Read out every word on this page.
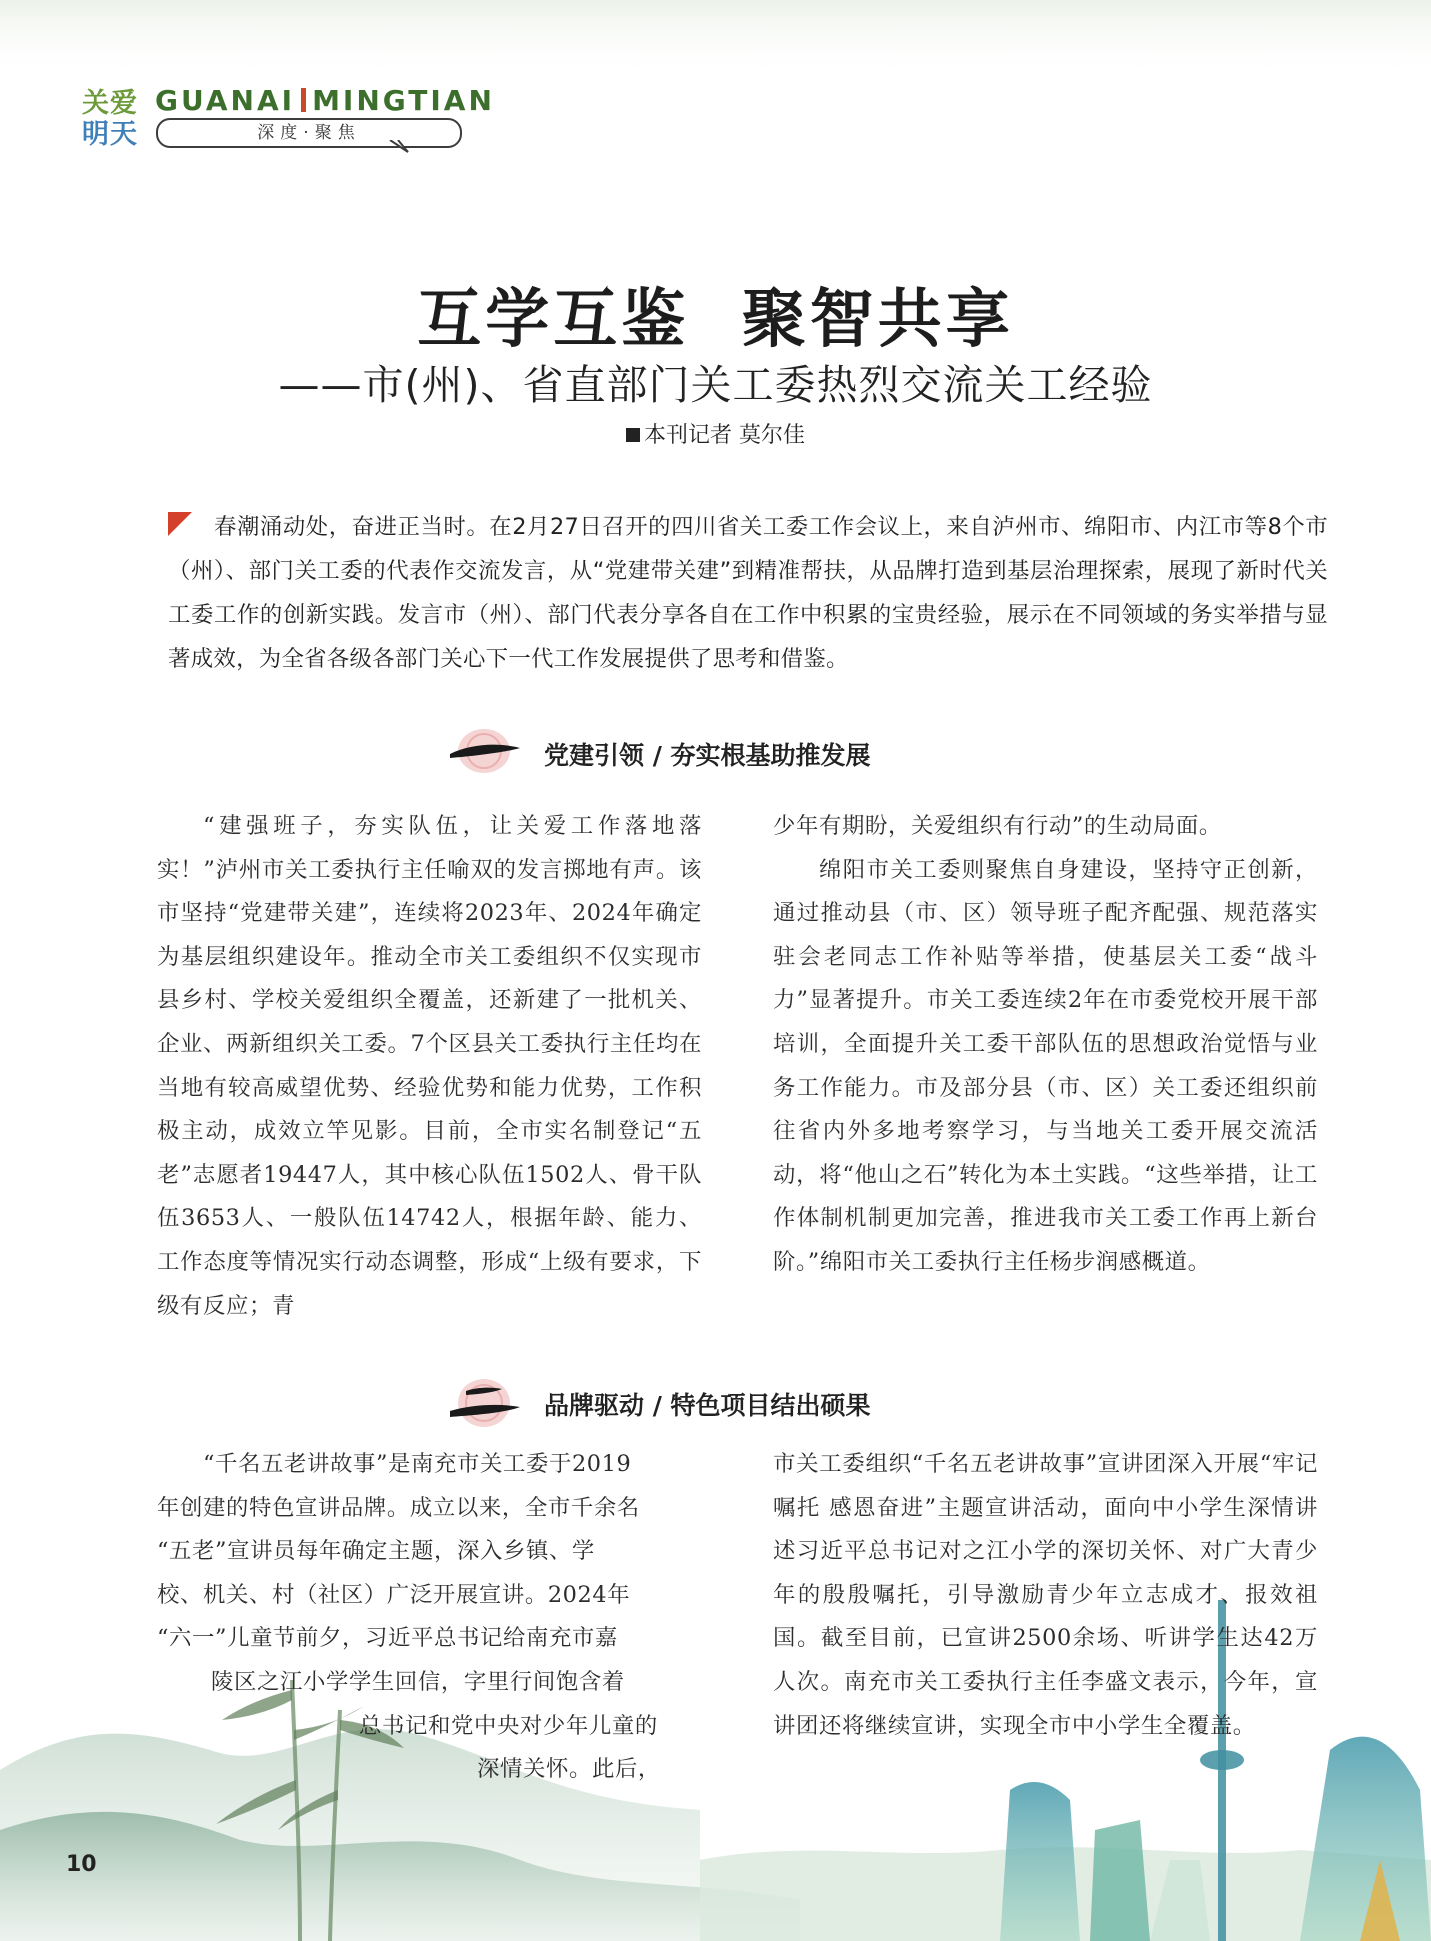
关爱
明天
GUANAI MINGTIAN
深度·聚焦
互学互鉴  聚智共享
——市(州)、省直部门关工委热烈交流关工经验
本刊记者 莫尔佳
春潮涌动处，奋进正当时。在2月27日召开的四川省关工委工作会议上，来自泸州市、绵阳市、内江市等8个市（州）、部门关工委的代表作交流发言，从“党建带关建”到精准帮扶，从品牌打造到基层治理探索，展现了新时代关工委工作的创新实践。发言市（州）、部门代表分享各自在工作中积累的宝贵经验，展示在不同领域的务实举措与显著成效，为全省各级各部门关心下一代工作发展提供了思考和借鉴。
党建引领 / 夯实根基助推发展

“建强班子，夯实队伍，让关爱工作落地落实！”泸州市关工委执行主任喻双的发言掷地有声。该市坚持“党建带关建”，连续将2023年、2024年确定为基层组织建设年。推动全市关工委组织不仅实现市县乡村、学校关爱组织全覆盖，还新建了一批机关、企业、两新组织关工委。7个区县关工委执行主任均在当地有较高威望优势、经验优势和能力优势，工作积极主动，成效立竿见影。目前，全市实名制登记“五老”志愿者19447人，其中核心队伍1502人、骨干队伍3653人、一般队伍14742人，根据年龄、能力、工作态度等情况实行动态调整，形成“上级有要求，下级有反应；青

少年有期盼，关爱组织有行动”的生动局面。

绵阳市关工委则聚焦自身建设，坚持守正创新，通过推动县（市、区）领导班子配齐配强、规范落实驻会老同志工作补贴等举措，使基层关工委“战斗力”显著提升。市关工委连续2年在市委党校开展干部培训，全面提升关工委干部队伍的思想政治觉悟与业务工作能力。市及部分县（市、区）关工委还组织前往省内外多地考察学习，与当地关工委开展交流活动，将“他山之石”转化为本土实践。“这些举措，让工作体制机制更加完善，推进我市关工委工作再上新台阶。”绵阳市关工委执行主任杨步润感概道。

品牌驱动 / 特色项目结出硕果
“千名五老讲故事”是南充市关工委于2019
年创建的特色宣讲品牌。成立以来，全市千余名
“五老”宣讲员每年确定主题，深入乡镇、学
校、机关、村（社区）广泛开展宣讲。2024年
“六一”儿童节前夕，习近平总书记给南充市嘉
陵区之江小学学生回信，字里行间饱含着
总书记和党中央对少年儿童的
深情关怀。此后，

市关工委组织“千名五老讲故事”宣讲团深入开展“牢记嘱托 感恩奋进”主题宣讲活动，面向中小学生深情讲述习近平总书记对之江小学的深切关怀、对广大青少年的殷殷嘱托，引导激励青少年立志成才、报效祖国。截至目前，已宣讲2500余场、听讲学生达42万人次。南充市关工委执行主任李盛文表示，今年，宣讲团还将继续宣讲，实现全市中小学生全覆盖。

10
